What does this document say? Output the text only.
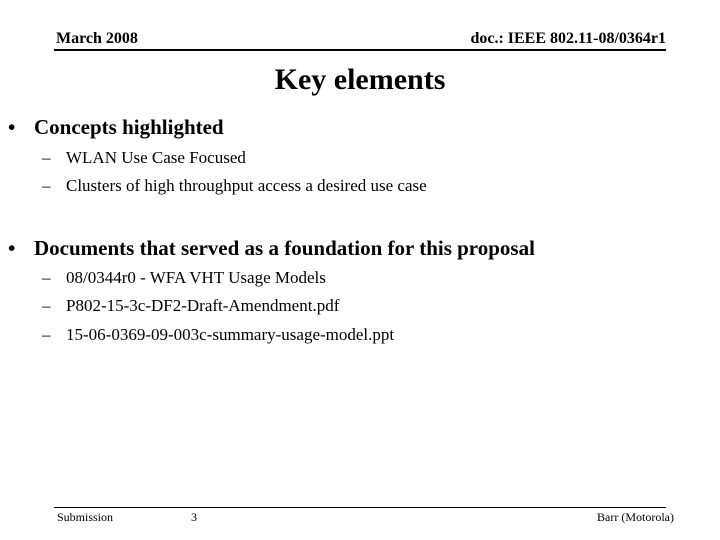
March 2008	doc.: IEEE 802.11-08/0364r1
Key elements
• Concepts highlighted
– WLAN Use Case Focused
– Clusters of high throughput access a desired use case
• Documents that served as a foundation for this proposal
– 08/0344r0 - WFA VHT Usage Models
– P802-15-3c-DF2-Draft-Amendment.pdf
– 15-06-0369-09-003c-summary-usage-model.ppt
Submission	3	Barr (Motorola)
